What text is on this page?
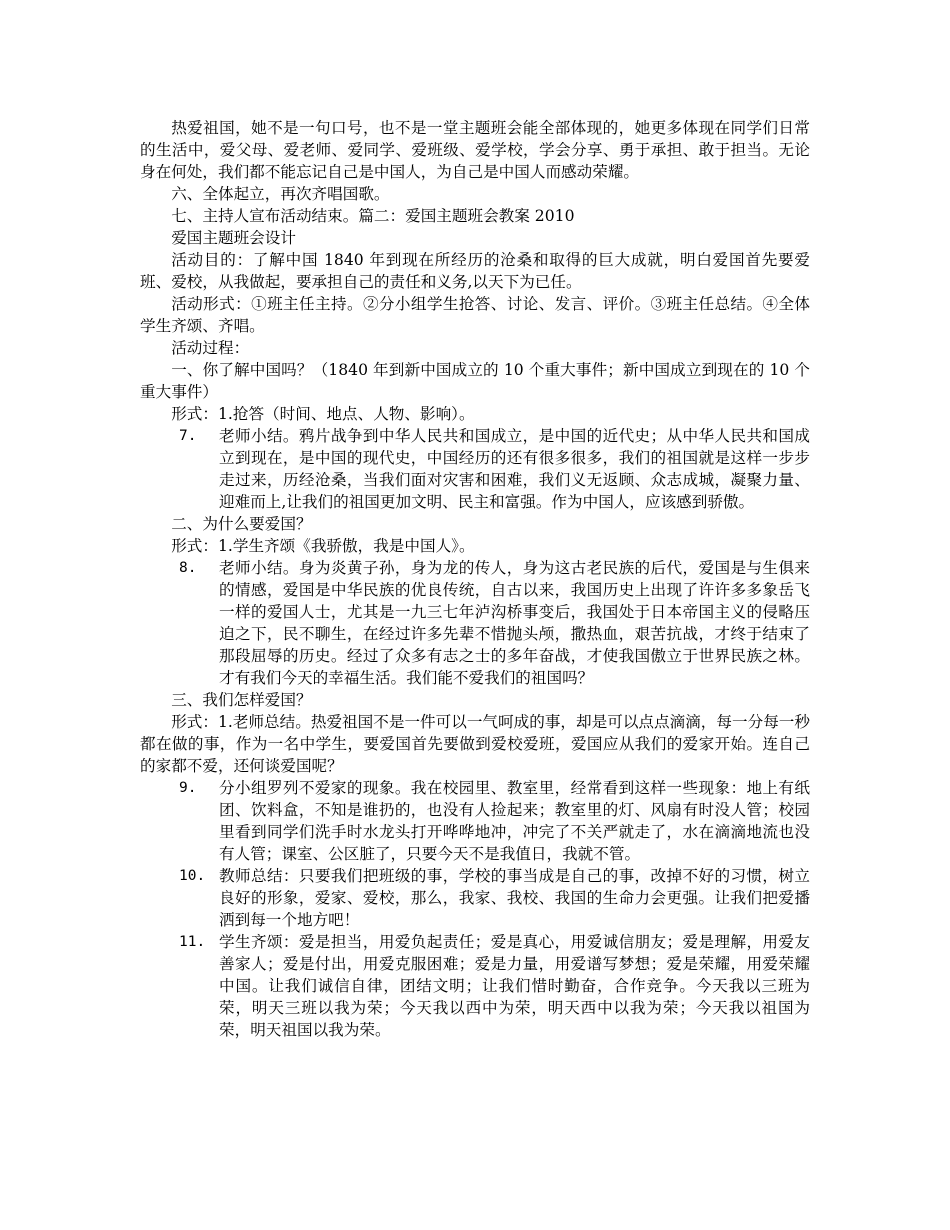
热爱祖国，她不是一句口号，也不是一堂主题班会能全部体现的，她更多体现在同学们日常的生活中，爱父母、爱老师、爱同学、爱班级、爱学校，学会分享、勇于承担、敢于担当。无论身在何处，我们都不能忘记自己是中国人，为自己是中国人而感动荣耀。

六、全体起立，再次齐唱国歌。

七、主持人宣布活动结束。篇二：爱国主题班会教案 2010

爱国主题班会设计

活动目的：了解中国 1840 年到现在所经历的沧桑和取得的巨大成就，明白爱国首先要爱班、爱校，从我做起，要承担自己的责任和义务,以天下为已任。

活动形式：①班主任主持。②分小组学生抢答、讨论、发言、评价。③班主任总结。④全体学生齐颂、齐唱。

活动过程：

一、你了解中国吗？（1840 年到新中国成立的 10 个重大事件；新中国成立到现在的 10 个重大事件）

形式：1.抢答（时间、地点、人物、影响）。

7. 老师小结。鸦片战争到中华人民共和国成立，是中国的近代史；从中华人民共和国成立到现在，是中国的现代史，中国经历的还有很多很多，我们的祖国就是这样一步步走过来，历经沧桑，当我们面对灾害和困难，我们义无返顾、众志成城，凝聚力量、迎难而上,让我们的祖国更加文明、民主和富强。作为中国人，应该感到骄傲。

二、为什么要爱国？

形式：1.学生齐颂《我骄傲，我是中国人》。

8. 老师小结。身为炎黄子孙，身为龙的传人，身为这古老民族的后代，爱国是与生俱来的情感，爱国是中华民族的优良传统，自古以来，我国历史上出现了许许多多象岳飞一样的爱国人士，尤其是一九三七年泸沟桥事变后，我国处于日本帝国主义的侵略压迫之下，民不聊生，在经过许多先辈不惜抛头颅，撒热血，艰苦抗战，才终于结束了那段屈辱的历史。经过了众多有志之士的多年奋战，才使我国傲立于世界民族之林。才有我们今天的幸福生活。我们能不爱我们的祖国吗？

三、我们怎样爱国？

形式：1.老师总结。热爱祖国不是一件可以一气呵成的事，却是可以点点滴滴，每一分每一秒都在做的事，作为一名中学生，要爱国首先要做到爱校爱班，爱国应从我们的爱家开始。连自己的家都不爱，还何谈爱国呢？

9. 分小组罗列不爱家的现象。我在校园里、教室里，经常看到这样一些现象：地上有纸团、饮料盒，不知是谁扔的，也没有人捡起来；教室里的灯、风扇有时没人管；校园里看到同学们洗手时水龙头打开哗哗地冲，冲完了不关严就走了，水在滴滴地流也没有人管；课室、公区脏了，只要今天不是我值日，我就不管。
10. 教师总结：只要我们把班级的事，学校的事当成是自己的事，改掉不好的习惯，树立良好的形象，爱家、爱校，那么，我家、我校、我国的生命力会更强。让我们把爱播洒到每一个地方吧！
11. 学生齐颂：爱是担当，用爱负起责任；爱是真心，用爱诚信朋友；爱是理解，用爱友善家人；爱是付出，用爱克服困难；爱是力量，用爱谱写梦想；爱是荣耀，用爱荣耀中国。让我们诚信自律，团结文明；让我们惜时勤奋，合作竞争。今天我以三班为荣，明天三班以我为荣；今天我以西中为荣，明天西中以我为荣；今天我以祖国为荣，明天祖国以我为荣。
